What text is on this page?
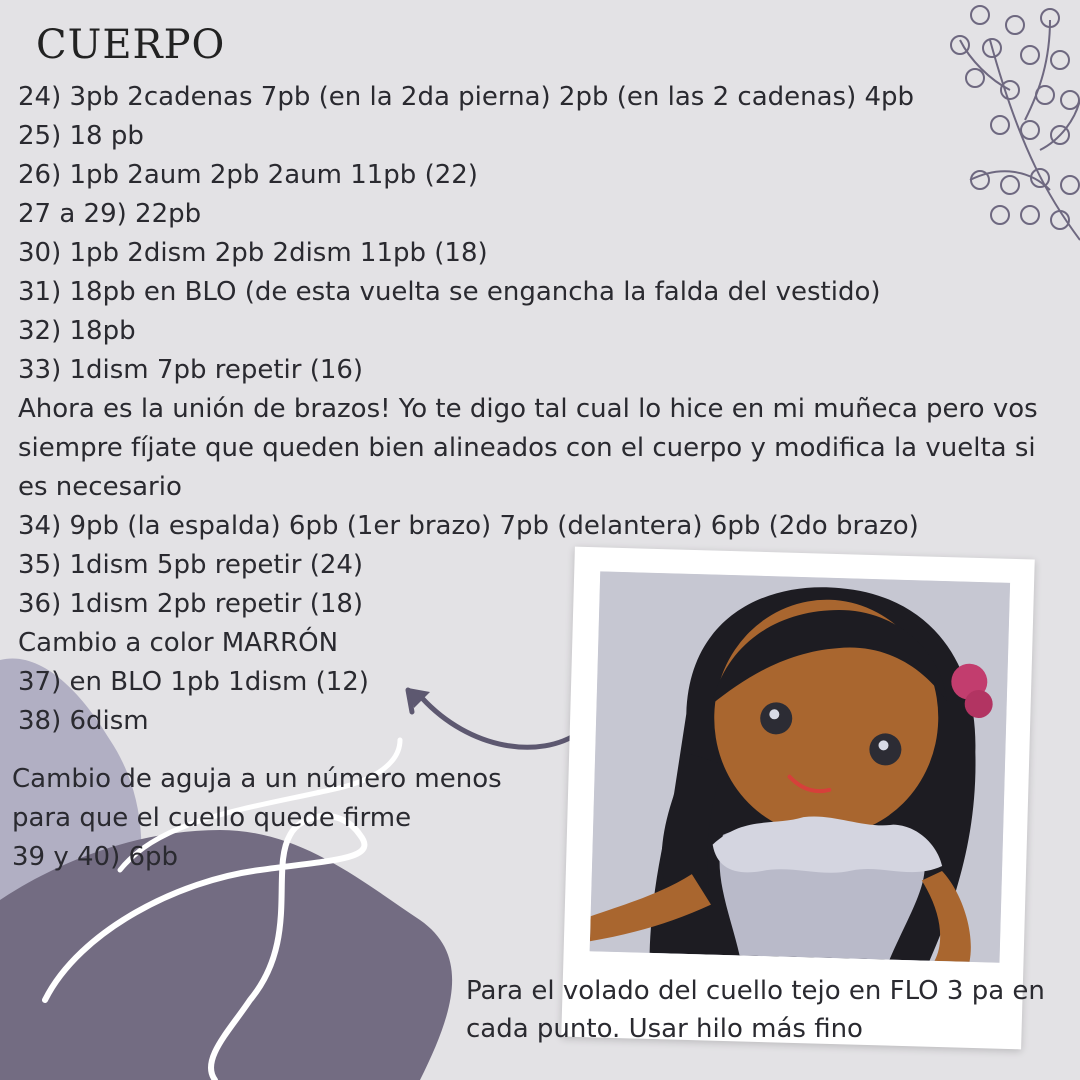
CUERPO
24) 3pb 2cadenas 7pb (en la 2da pierna) 2pb (en las 2 cadenas) 4pb
25) 18 pb
26) 1pb 2aum 2pb 2aum 11pb (22)
27 a 29) 22pb
30) 1pb 2dism 2pb 2dism 11pb (18)
31) 18pb en BLO (de esta vuelta se engancha la falda del vestido)
32) 18pb
33) 1dism 7pb repetir (16)
Ahora es la unión de brazos! Yo te digo tal cual lo hice en mi muñeca pero vos siempre fíjate que queden bien alineados con el cuerpo y modifica la vuelta si es necesario
34) 9pb (la espalda) 6pb (1er brazo) 7pb (delantera) 6pb (2do brazo)
35) 1dism 5pb repetir (24)
36) 1dism 2pb repetir (18)
Cambio a color MARRÓN
37) en BLO 1pb 1dism (12)
38) 6dism
Cambio de aguja a un número menos
para que el cuello quede firme
39 y 40) 6pb
Para el volado del cuello tejo en FLO 3 pa en cada punto. Usar hilo más fino
